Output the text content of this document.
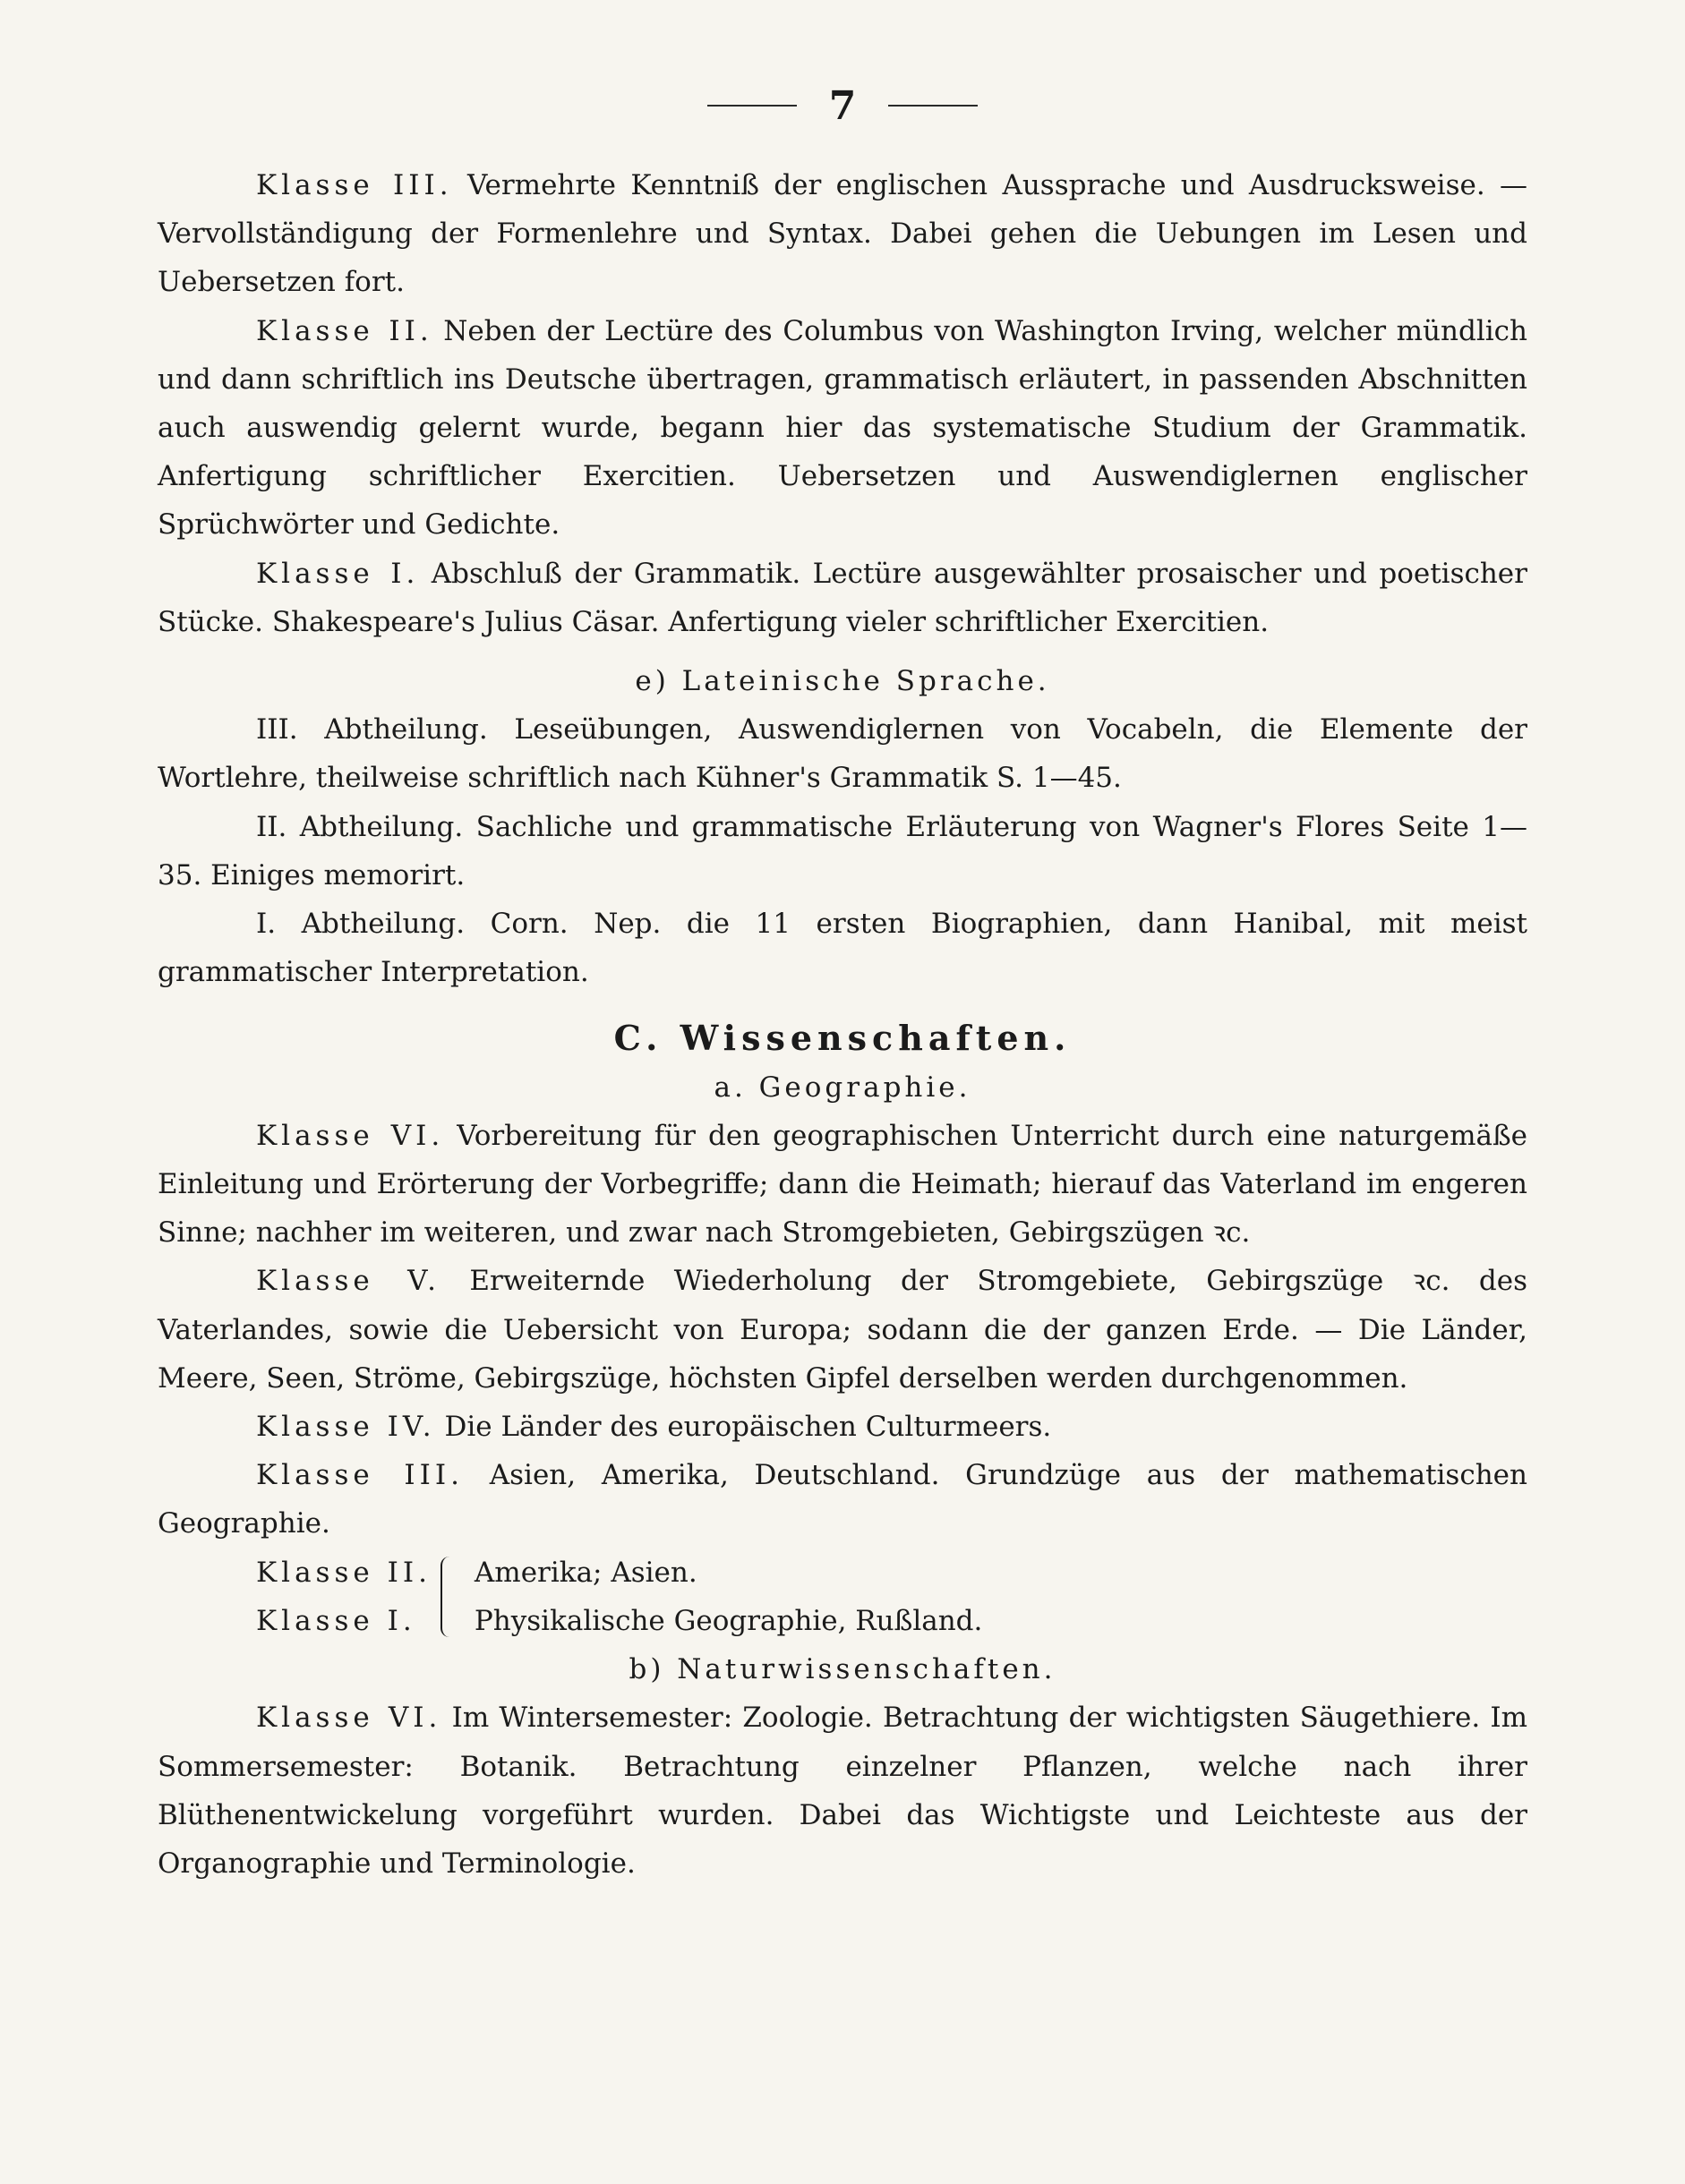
7

Klasse III. Vermehrte Kenntniß der englischen Aussprache und Ausdrucksweise. — Vervollständigung der Formenlehre und Syntax. Dabei gehen die Uebungen im Lesen und Uebersetzen fort.

Klasse II. Neben der Lectüre des Columbus von Washington Irving, welcher mündlich und dann schriftlich ins Deutsche übertragen, grammatisch erläutert, in passenden Abschnitten auch auswendig gelernt wurde, begann hier das systematische Studium der Grammatik. Anfertigung schriftlicher Exercitien. Uebersetzen und Auswendiglernen englischer Sprüchwörter und Gedichte.

Klasse I. Abschluß der Grammatik. Lectüre ausgewählter prosaischer und poetischer Stücke. Shakespeare's Julius Cäsar. Anfertigung vieler schriftlicher Exercitien.

e) Lateinische Sprache.

III. Abtheilung. Leseübungen, Auswendiglernen von Vocabeln, die Elemente der Wortlehre, theilweise schriftlich nach Kühner's Grammatik S. 1—45.

II. Abtheilung. Sachliche und grammatische Erläuterung von Wagner's Flores Seite 1—35. Einiges memorirt.

I. Abtheilung. Corn. Nep. die 11 ersten Biographien, dann Hanibal, mit meist grammatischer Interpretation.

C. Wissenschaften.
a. Geographie.

Klasse VI. Vorbereitung für den geographischen Unterricht durch eine naturgemäße Einleitung und Erörterung der Vorbegriffe; dann die Heimath; hierauf das Vaterland im engeren Sinne; nachher im weiteren, und zwar nach Stromgebieten, Gebirgszügen ꝛc.

Klasse V. Erweiternde Wiederholung der Stromgebiete, Gebirgszüge ꝛc. des Vaterlandes, sowie die Uebersicht von Europa; sodann die der ganzen Erde. — Die Länder, Meere, Seen, Ströme, Gebirgszüge, höchsten Gipfel derselben werden durchgenommen.

Klasse IV. Die Länder des europäischen Culturmeers.

Klasse III. Asien, Amerika, Deutschland. Grundzüge aus der mathematischen Geographie.

Klasse II.
Klasse I.
Amerika; Asien.
Physikalische Geographie, Rußland.
b) Naturwissenschaften.

Klasse VI. Im Wintersemester: Zoologie. Betrachtung der wichtigsten Säugethiere. Im Sommersemester: Botanik. Betrachtung einzelner Pflanzen, welche nach ihrer Blüthenentwickelung vorgeführt wurden. Dabei das Wichtigste und Leichteste aus der Organographie und Terminologie.
